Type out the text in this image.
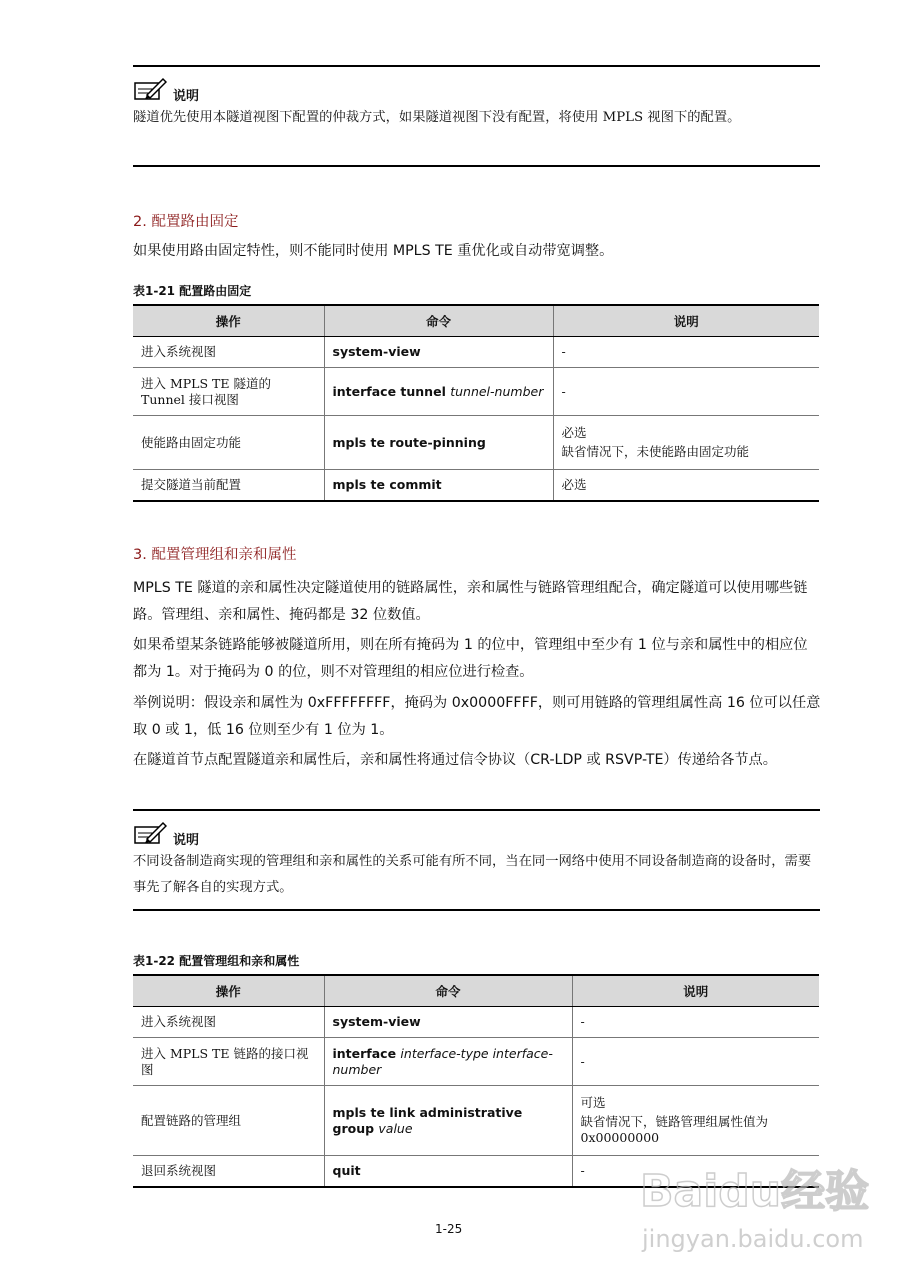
说明

隧道优先使用本隧道视图下配置的仲裁方式，如果隧道视图下没有配置，将使用 MPLS 视图下的配置。

2. 配置路由固定

如果使用路由固定特性，则不能同时使用 MPLS TE 重优化或自动带宽调整。

表1-21 配置路由固定
操作	命令	说明
进入系统视图	system-view	-

进入 MPLS TE 隧道的 Tunnel 接口视图	interface tunnel tunnel-number	-

使能路由固定功能	mpls te route-pinning	必选
缺省情况下，未使能路由固定功能

提交隧道当前配置	mpls te commit	必选
3. 配置管理组和亲和属性

MPLS TE 隧道的亲和属性决定隧道使用的链路属性，亲和属性与链路管理组配合，确定隧道可以使用哪些链路。管理组、亲和属性、掩码都是 32 位数值。

如果希望某条链路能够被隧道所用，则在所有掩码为 1 的位中，管理组中至少有 1 位与亲和属性中的相应位都为 1。对于掩码为 0 的位，则不对管理组的相应位进行检查。

举例说明：假设亲和属性为 0xFFFFFFFF，掩码为 0x0000FFFF，则可用链路的管理组属性高 16 位可以任意取 0 或 1，低 16 位则至少有 1 位为 1。

在隧道首节点配置隧道亲和属性后，亲和属性将通过信令协议（CR-LDP 或 RSVP-TE）传递给各节点。

说明

不同设备制造商实现的管理组和亲和属性的关系可能有所不同，当在同一网络中使用不同设备制造商的设备时，需要事先了解各自的实现方式。

表1-22 配置管理组和亲和属性
操作	命令	说明
进入系统视图	system-view	-

进入 MPLS TE 链路的接口视图	interface interface-type interface-number	-

配置链路的管理组	mpls te link administrative group value	可选
缺省情况下，链路管理组属性值为 0x00000000

退回系统视图	quit	-
1-25
Baidu经验
jingyan.baidu.com
